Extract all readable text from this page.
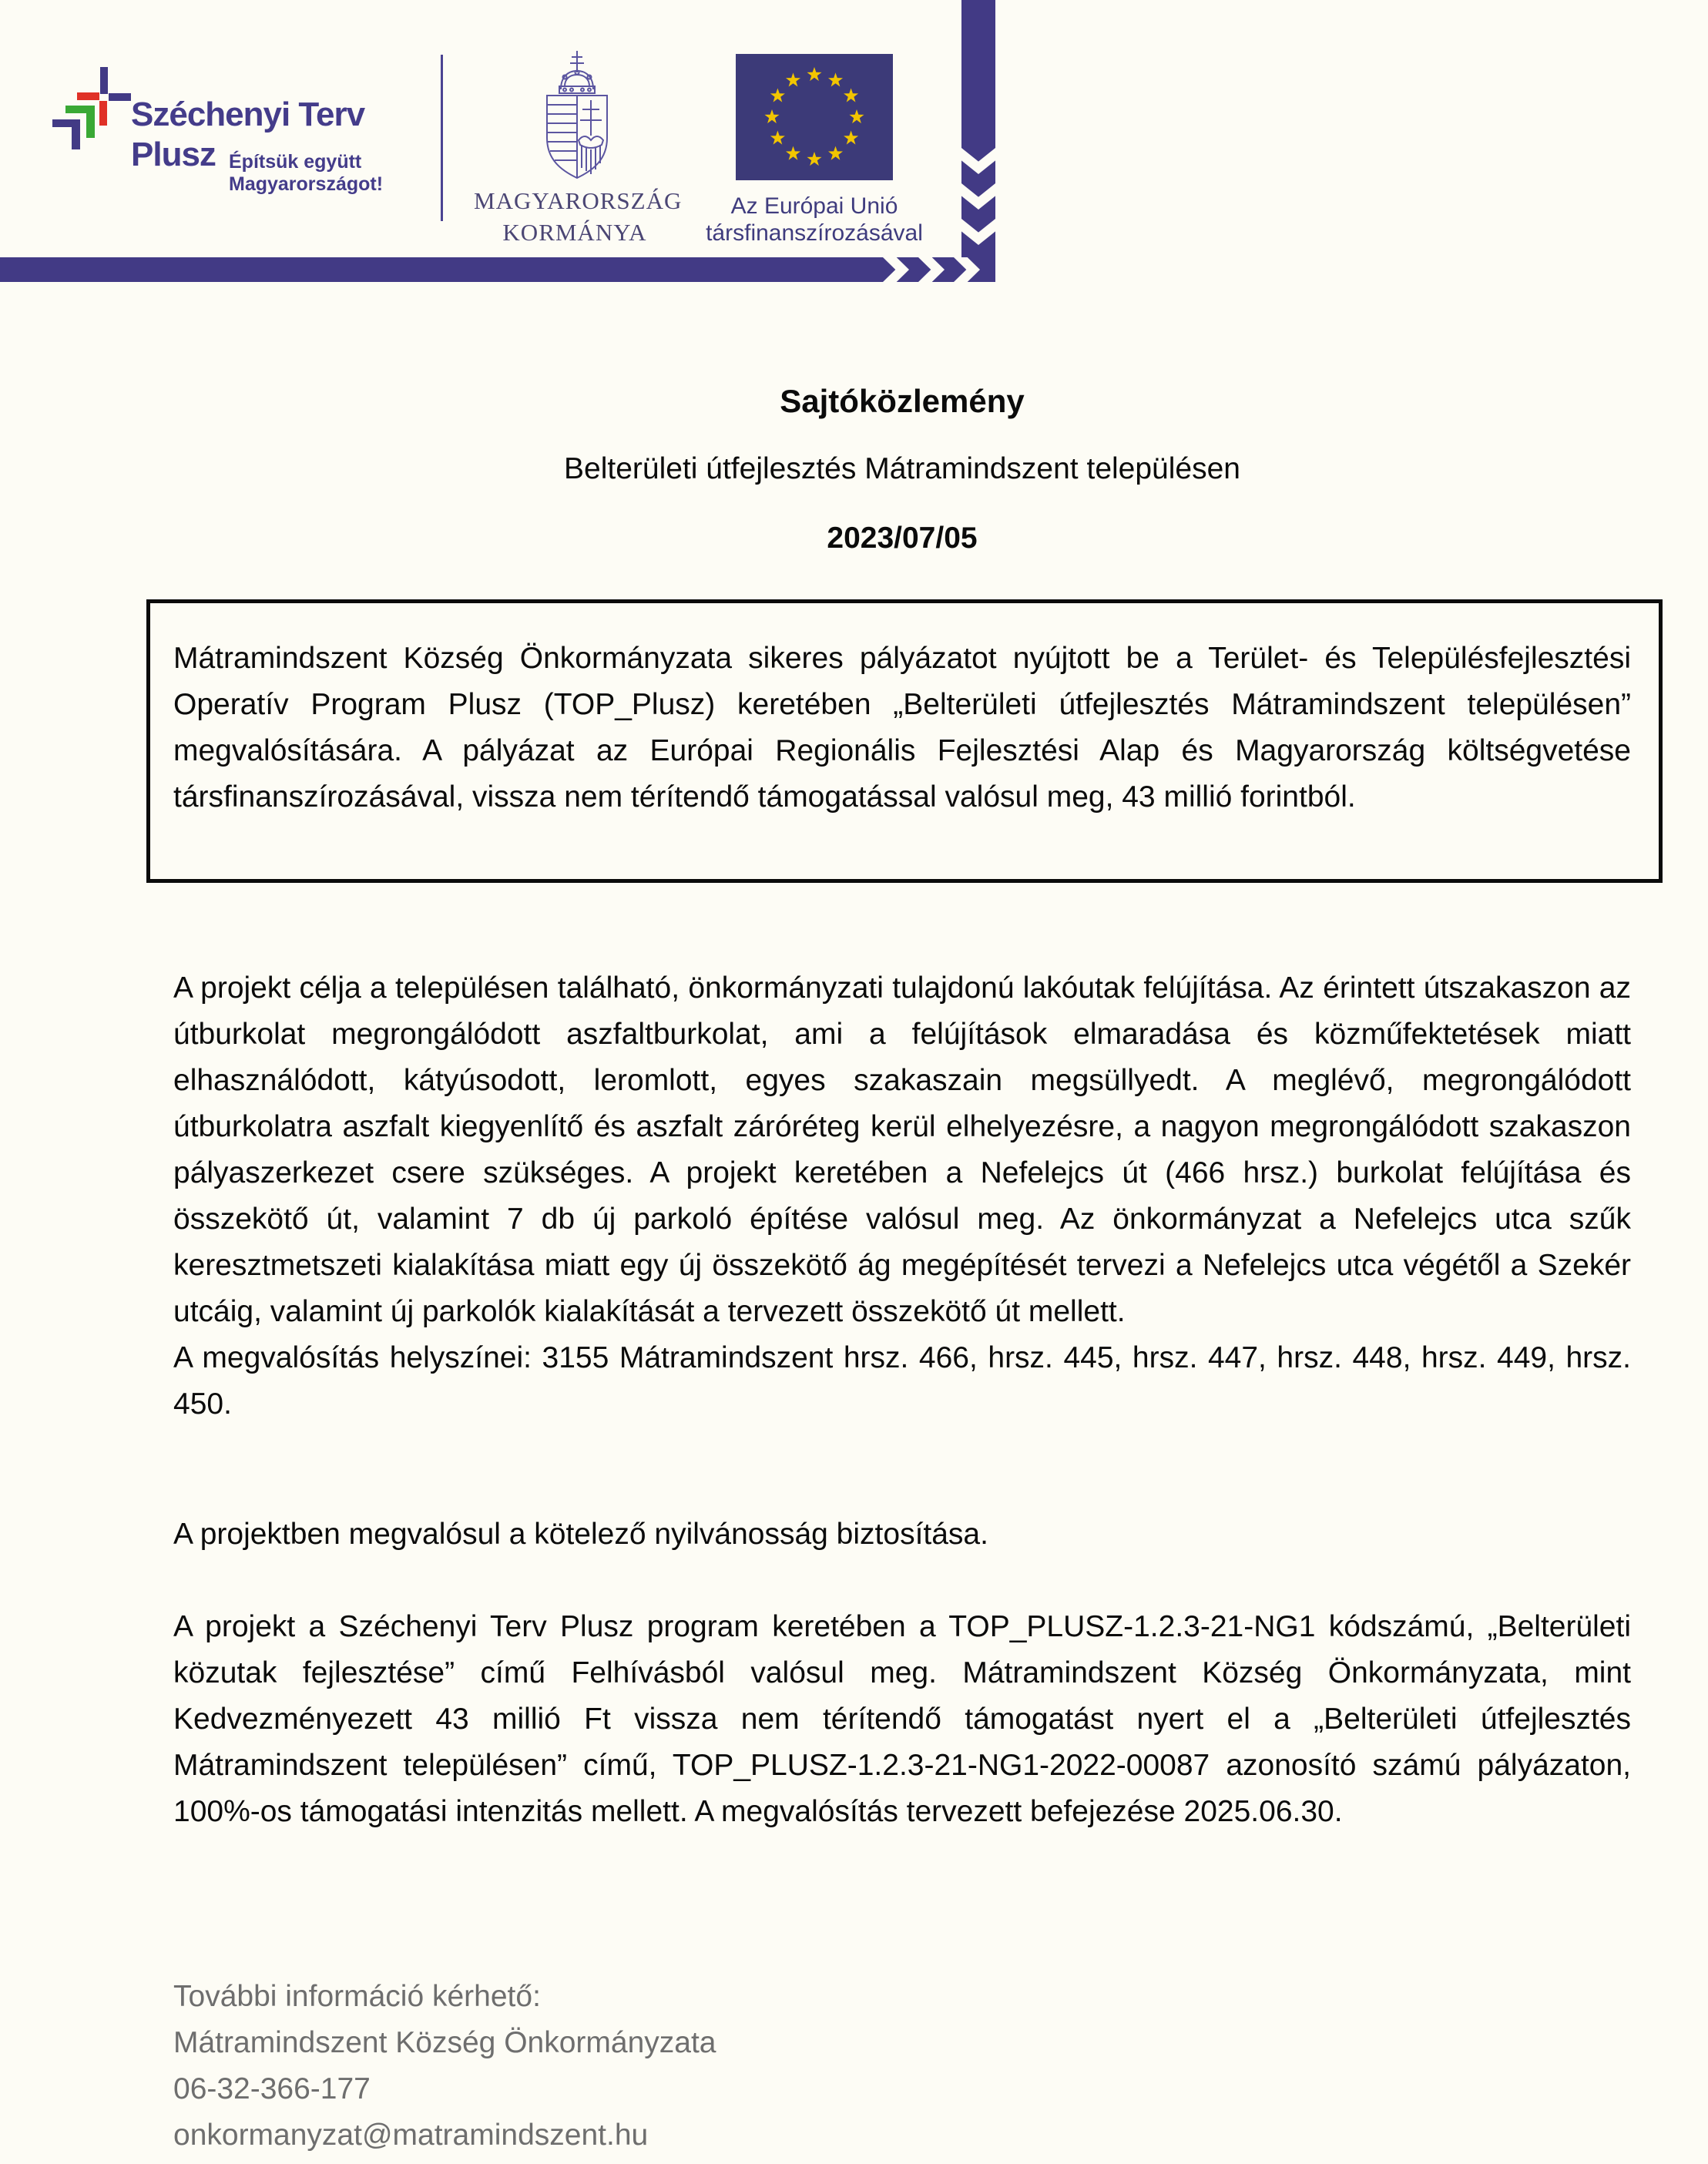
Széchenyi Terv
Plusz Építsük együtt
Magyarországot!
MAGYARORSZÁG
KORMÁNYA
Az Európai Unió
társfinanszírozásával
Sajtóközlemény
Belterületi útfejlesztés Mátramindszent településen
2023/07/05
Mátramindszent Község Önkormányzata sikeres pályázatot nyújtott be a Terület- és Településfejlesztési Operatív Program Plusz (TOP_Plusz) keretében „Belterületi útfejlesztés Mátramindszent településen” megvalósítására. A pályázat az Európai Regionális Fejlesztési Alap és Magyarország költségvetése társfinanszírozásával, vissza nem térítendő támogatással valósul meg, 43 millió forintból.

A projekt célja a településen található, önkormányzati tulajdonú lakóutak felújítása. Az érintett útszakaszon az útburkolat megrongálódott aszfaltburkolat, ami a felújítások elmaradása és közműfektetések miatt elhasználódott, kátyúsodott, leromlott, egyes szakaszain megsüllyedt. A meglévő, megrongálódott útburkolatra aszfalt kiegyenlítő és aszfalt záróréteg kerül elhelyezésre, a nagyon megrongálódott szakaszon pályaszerkezet csere szükséges. A projekt keretében a Nefelejcs út (466 hrsz.) burkolat felújítása és összekötő út, valamint 7 db új parkoló építése valósul meg. Az önkormányzat a Nefelejcs utca szűk keresztmetszeti kialakítása miatt egy új összekötő ág megépítését tervezi a Nefelejcs utca végétől a Szekér utcáig, valamint új parkolók kialakítását a tervezett összekötő út mellett.

A megvalósítás helyszínei: 3155 Mátramindszent hrsz. 466, hrsz. 445, hrsz. 447, hrsz. 448, hrsz. 449, hrsz. 450.

A projektben megvalósul a kötelező nyilvánosság biztosítása.

A projekt a Széchenyi Terv Plusz program keretében a TOP_PLUSZ-1.2.3-21-NG1 kódszámú, „Belterületi közutak fejlesztése” című Felhívásból valósul meg. Mátramindszent Község Önkormányzata, mint Kedvezményezett 43 millió Ft vissza nem térítendő támogatást nyert el a „Belterületi útfejlesztés Mátramindszent településen” című, TOP_PLUSZ-1.2.3-21-NG1-2022-00087 azonosító számú pályázaton, 100%-os támogatási intenzitás mellett. A megvalósítás tervezett befejezése 2025.06.30.

További információ kérhető:
Mátramindszent Község Önkormányzata
06-32-366-177
onkormanyzat@matramindszent.hu
